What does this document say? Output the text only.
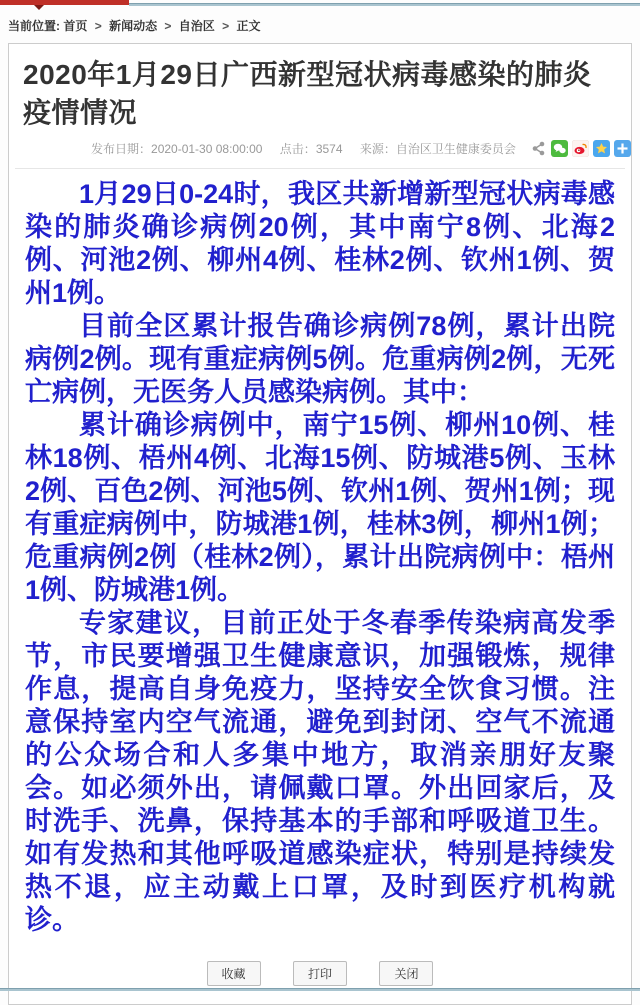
当前位置: 首页 > 新闻动态 > 自治区 > 正文
2020年1月29日广西新型冠状病毒感染的肺炎疫情情况
发布日期：2020-01-30 08:00:00 点击：3574 来源：自治区卫生健康委员会

1月29日0-24时，我区共新增新型冠状病毒感染的肺炎确诊病例20例，其中南宁8例、北海2例、河池2例、柳州4例、桂林2例、钦州1例、贺州1例。

目前全区累计报告确诊病例78例，累计出院病例2例。现有重症病例5例。危重病例2例，无死亡病例，无医务人员感染病例。其中：

累计确诊病例中，南宁15例、柳州10例、桂林18例、梧州4例、北海15例、防城港5例、玉林2例、百色2例、河池5例、钦州1例、贺州1例；现有重症病例中，防城港1例，桂林3例，柳州1例；危重病例2例（桂林2例），累计出院病例中：梧州1例、防城港1例。

专家建议，目前正处于冬春季传染病高发季节，市民要增强卫生健康意识，加强锻炼，规律作息，提高自身免疫力，坚持安全饮食习惯。注意保持室内空气流通，避免到封闭、空气不流通的公众场合和人多集中地方，取消亲朋好友聚会。如必须外出，请佩戴口罩。外出回家后，及时洗手、洗鼻，保持基本的手部和呼吸道卫生。如有发热和其他呼吸道感染症状，特别是持续发热不退，应主动戴上口罩，及时到医疗机构就诊。

收藏	打印	关闭
